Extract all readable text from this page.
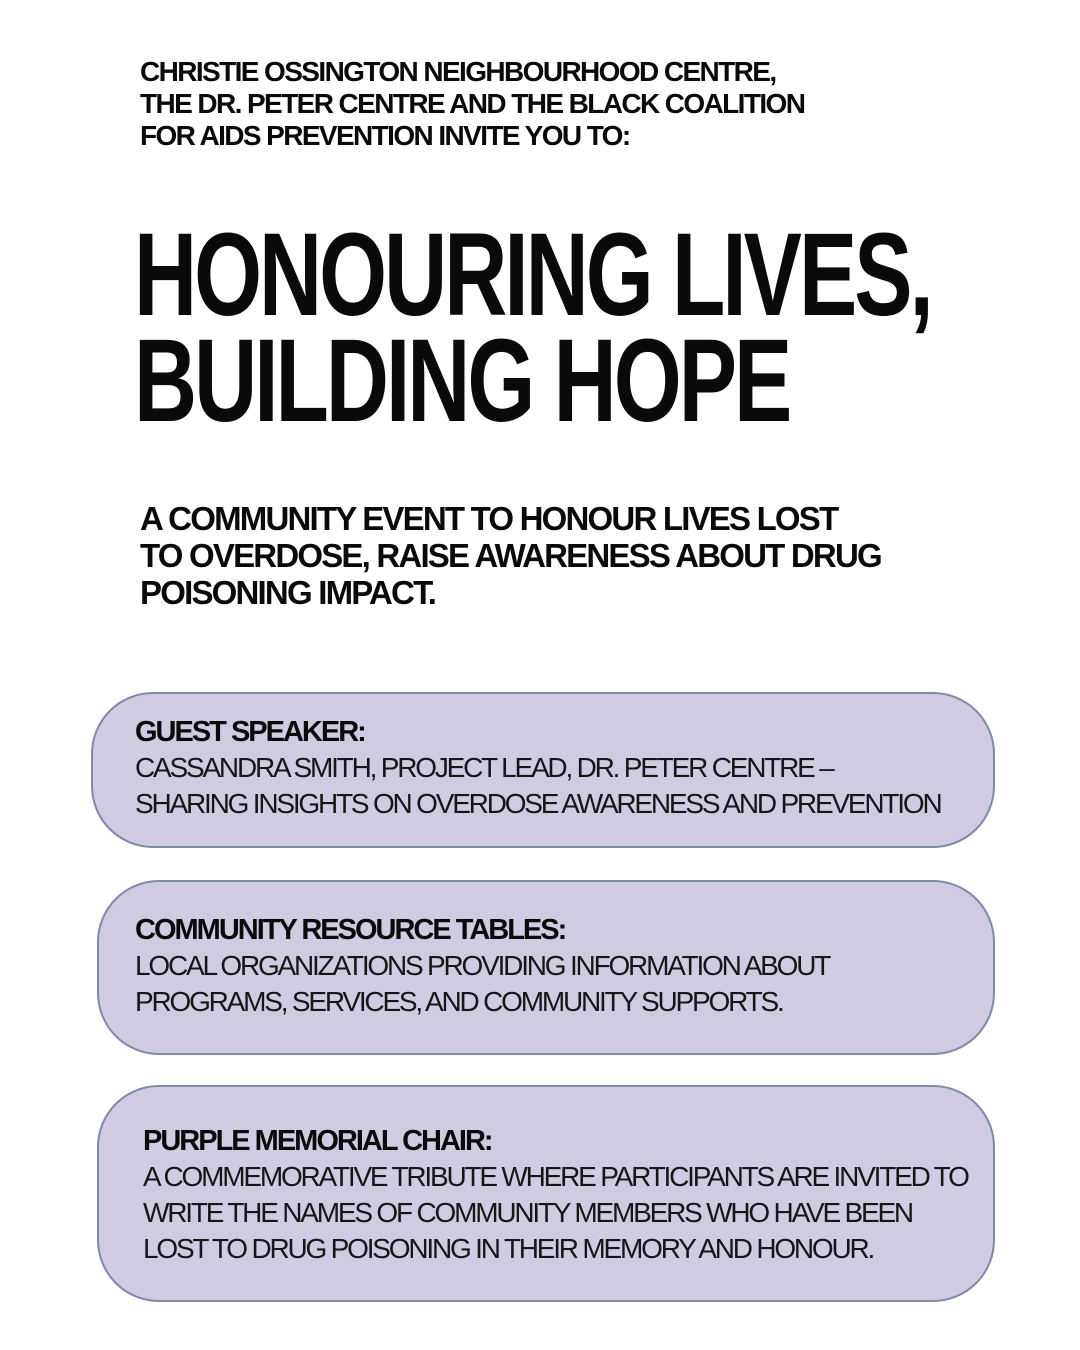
CHRISTIE OSSINGTON NEIGHBOURHOOD CENTRE,
THE DR. PETER CENTRE AND THE BLACK COALITION
FOR AIDS PREVENTION INVITE YOU TO:

HONOURING LIVES,
BUILDING HOPE

A COMMUNITY EVENT TO HONOUR LIVES LOST
TO OVERDOSE, RAISE AWARENESS ABOUT DRUG
POISONING IMPACT.

GUEST SPEAKER:
CASSANDRA SMITH, PROJECT LEAD, DR. PETER CENTRE –
SHARING INSIGHTS ON OVERDOSE AWARENESS AND PREVENTION
COMMUNITY RESOURCE TABLES:
LOCAL ORGANIZATIONS PROVIDING INFORMATION ABOUT
PROGRAMS, SERVICES, AND COMMUNITY SUPPORTS.
PURPLE MEMORIAL CHAIR:
A COMMEMORATIVE TRIBUTE WHERE PARTICIPANTS ARE INVITED TO
WRITE THE NAMES OF COMMUNITY MEMBERS WHO HAVE BEEN
LOST TO DRUG POISONING IN THEIR MEMORY AND HONOUR.
